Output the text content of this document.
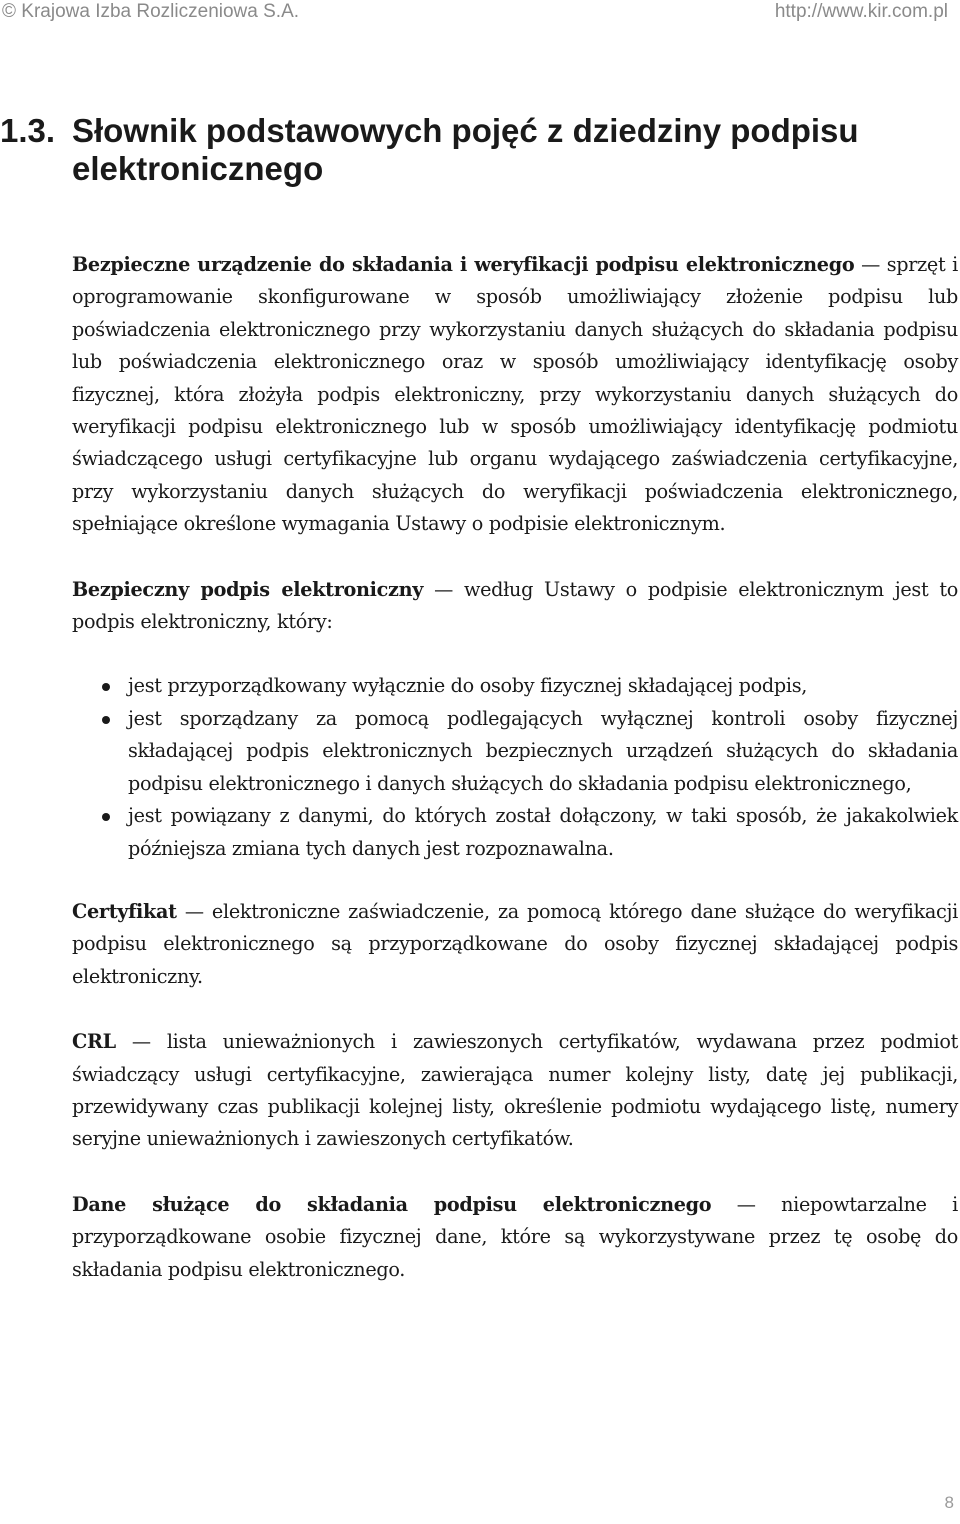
© Krajowa Izba Rozliczeniowa S.A.	http://www.kir.com.pl
1.3. Słownik podstawowych pojęć z dziedziny podpisu
elektronicznego

Bezpieczne urządzenie do składania i weryfikacji podpisu elektronicznego — sprzęt i oprogramowanie skonfigurowane w sposób umożliwiający złożenie podpisu lub poświadczenia elektronicznego przy wykorzystaniu danych służących do składania podpisu lub poświadczenia elektronicznego oraz w sposób umożliwiający identyfikację osoby fizycznej, która złożyła podpis elektroniczny, przy wykorzystaniu danych służących do weryfikacji podpisu elektronicznego lub w sposób umożliwiający identyfikację podmiotu świadczącego usługi certyfikacyjne lub organu wydającego zaświadczenia certyfikacyjne, przy wykorzystaniu danych służących do weryfikacji poświadczenia elektronicznego, spełniające określone wymagania Ustawy o podpisie elektronicznym.

Bezpieczny podpis elektroniczny — według Ustawy o podpisie elektronicznym jest to podpis elektroniczny, który:

jest przyporządkowany wyłącznie do osoby fizycznej składającej podpis,
jest sporządzany za pomocą podlegających wyłącznej kontroli osoby fizycznej składającej podpis elektronicznych bezpiecznych urządzeń służących do składania podpisu elektronicznego i danych służących do składania podpisu elektronicznego,
jest powiązany z danymi, do których został dołączony, w taki sposób, że jakakolwiek późniejsza zmiana tych danych jest rozpoznawalna.

Certyfikat — elektroniczne zaświadczenie, za pomocą którego dane służące do weryfikacji podpisu elektronicznego są przyporządkowane do osoby fizycznej składającej podpis elektroniczny.

CRL — lista unieważnionych i zawieszonych certyfikatów, wydawana przez podmiot świadczący usługi certyfikacyjne, zawierająca numer kolejny listy, datę jej publikacji, przewidywany czas publikacji kolejnej listy, określenie podmiotu wydającego listę, numery seryjne unieważnionych i zawieszonych certyfikatów.

Dane służące do składania podpisu elektronicznego — niepowtarzalne i przyporządkowane osobie fizycznej dane, które są wykorzystywane przez tę osobę do składania podpisu elektronicznego.

8
